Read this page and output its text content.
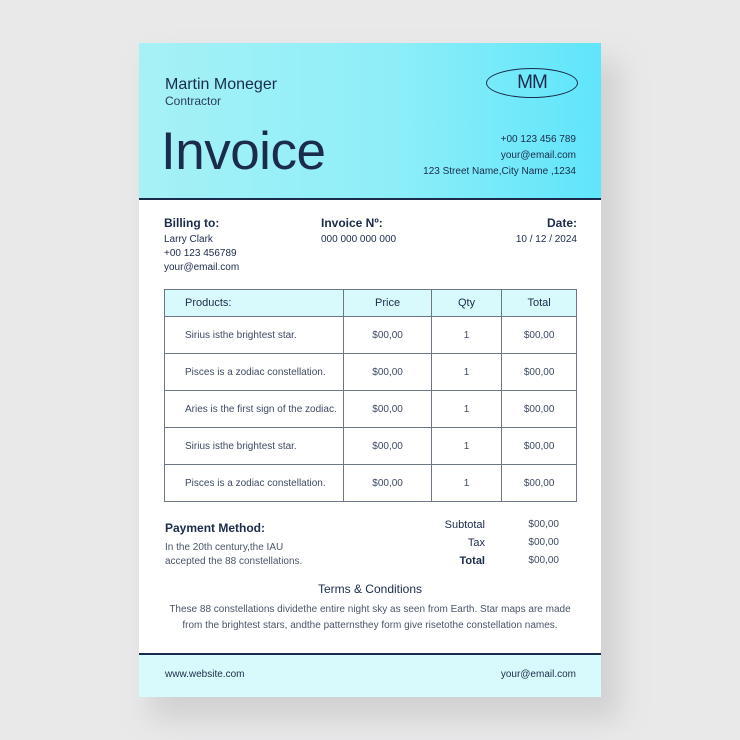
Martin Moneger
Contractor
Invoice
MM
+00 123 456 789
your@email.com
123 Street Name,City Name ,1234
Billing to:
Larry Clark
+00 123 456789
your@email.com
Invoice Nº:
000 000 000 000
Date:
10 / 12 / 2024
Products:	Price	Qty	Total
Sirius isthe brightest star.	$00,00	1	$00,00
Pisces is a zodiac constellation.	$00,00	1	$00,00
Aries is the first sign of the zodiac.	$00,00	1	$00,00
Sirius isthe brightest star.	$00,00	1	$00,00
Pisces is a zodiac constellation.	$00,00	1	$00,00
Payment Method:
In the 20th century,the IAU
accepted the 88 constellations.
Subtotal	$00,00
Tax	$00,00
Total	$00,00
Terms & Conditions
These 88 constellations dividethe entire night sky as seen from Earth. Star maps are made
from the brightest stars, andthe patternsthey form give risetothe constellation names.
www.website.com	your@email.com
